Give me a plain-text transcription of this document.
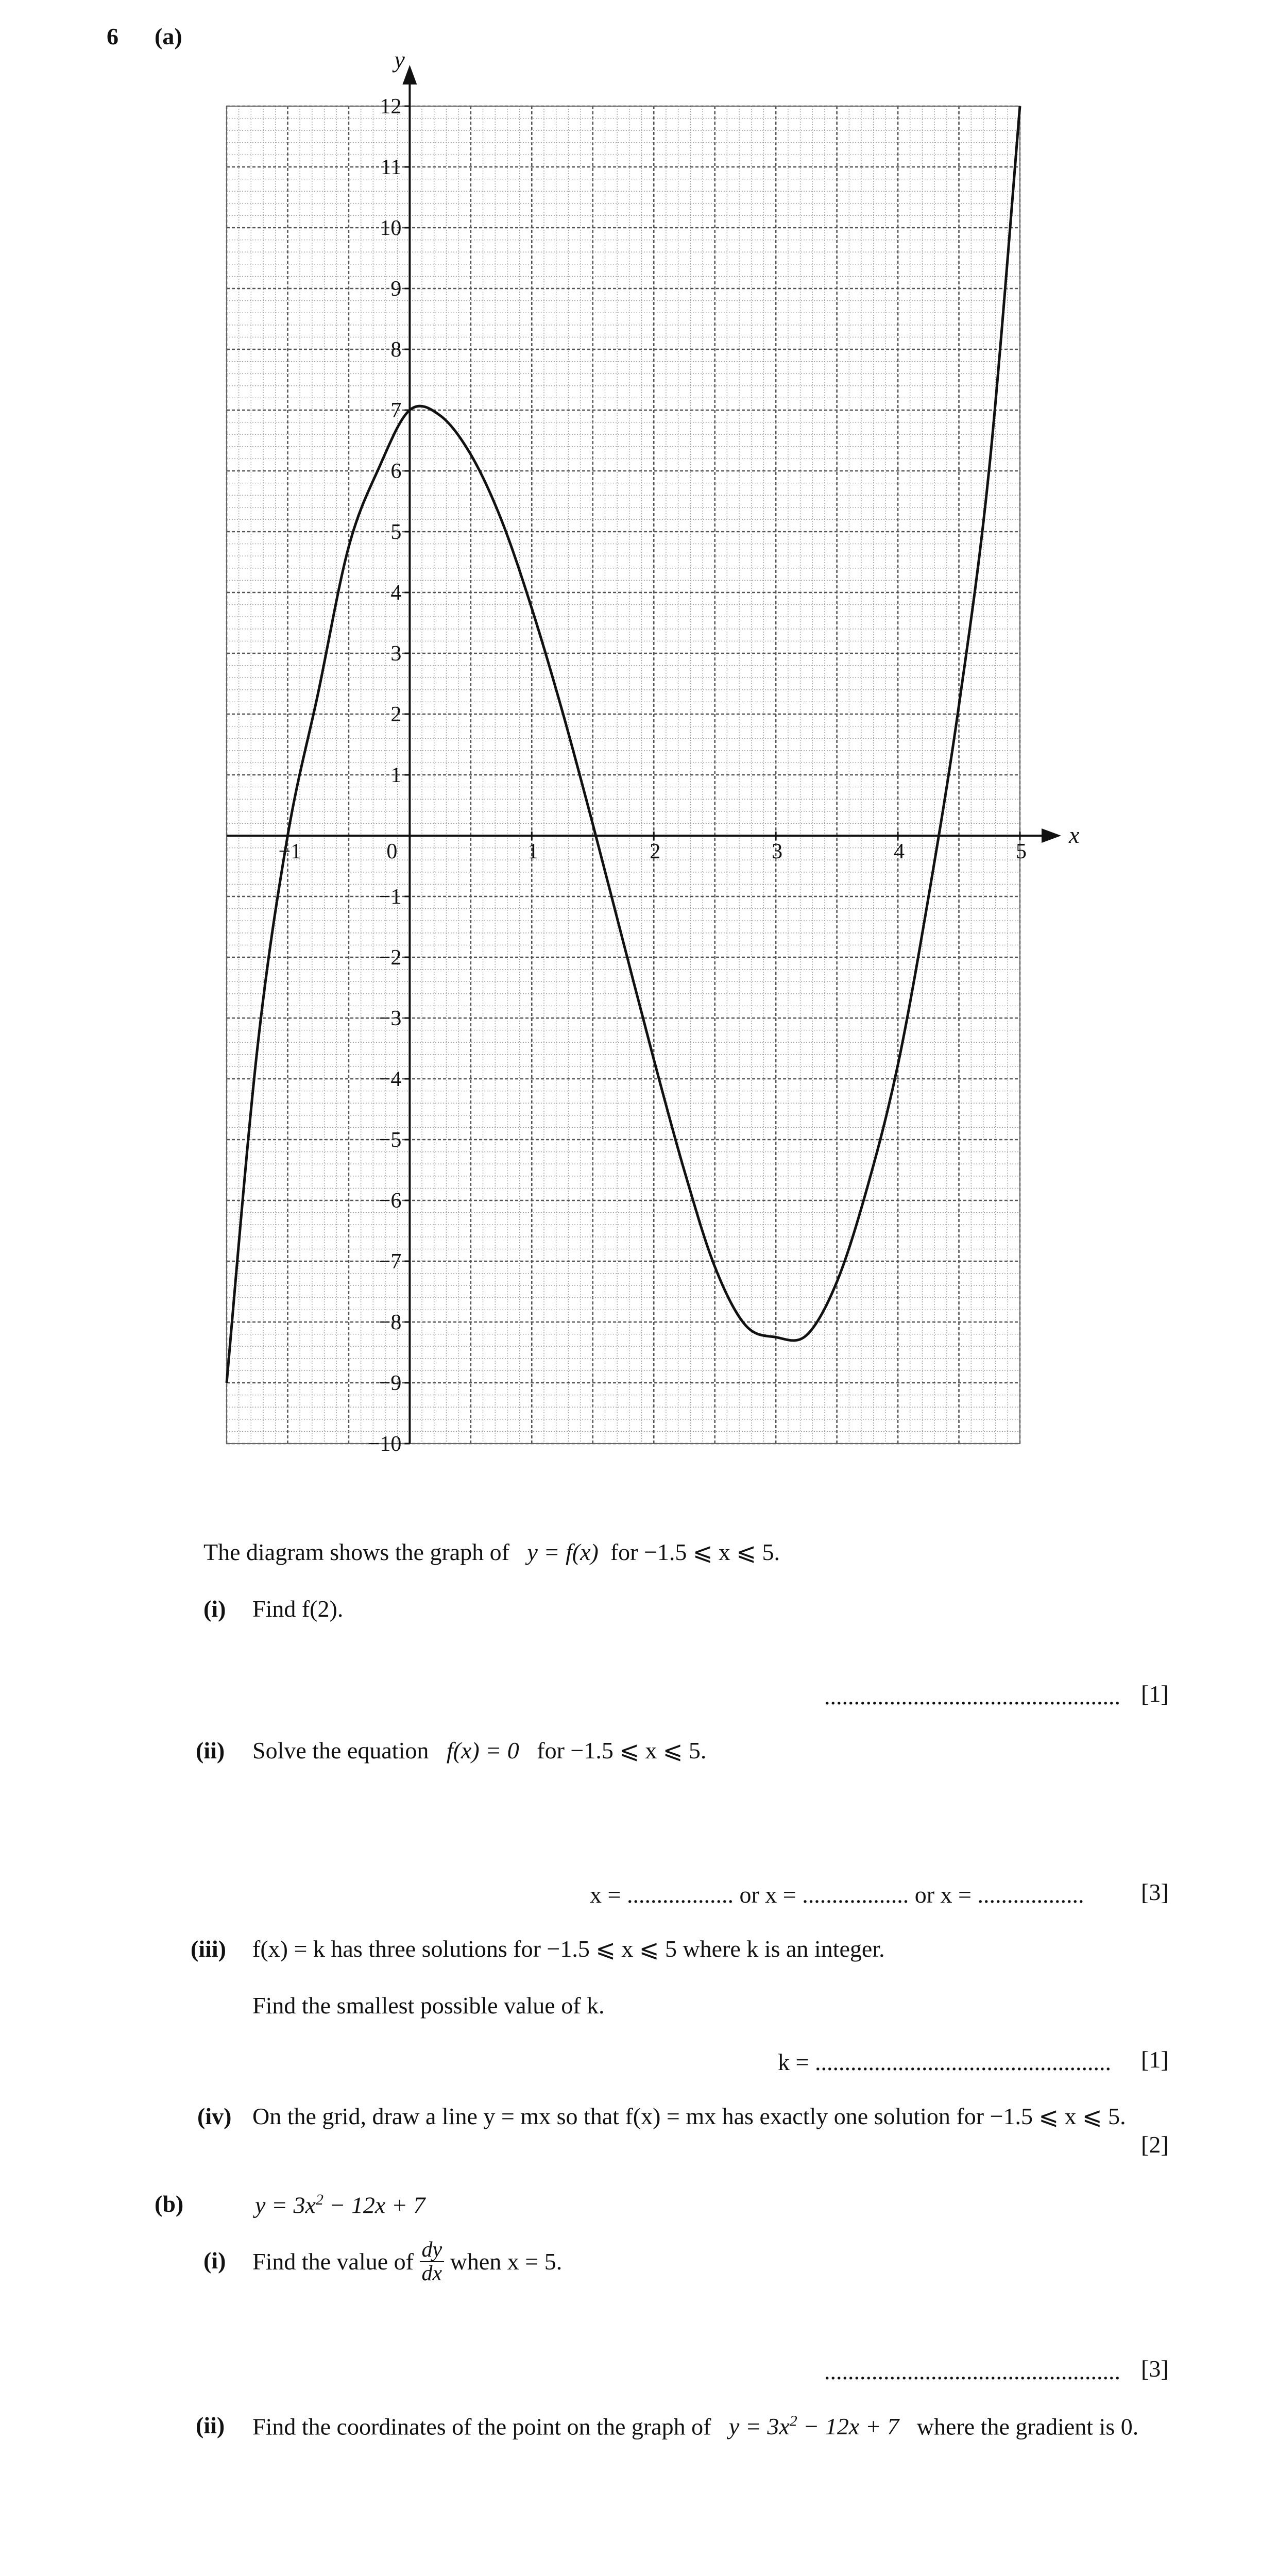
6 (a)
x
y
−1	0	1	2	3	4	5
−10
−9
−8
−7
−6
−5
−4
−3
−2
−1
1
2
3
4
5
6
7
8
9
10
11
12
The diagram shows the graph of y = f(x) for −1.5 ⩽ x ⩽ 5.
(i) Find f(2).
.................................................. [1]
(ii) Solve the equation f(x) = 0 for −1.5 ⩽ x ⩽ 5.
x = .................. or x = .................. or x = .................. [3]
(iii) f(x) = k has three solutions for −1.5 ⩽ x ⩽ 5 where k is an integer.
Find the smallest possible value of k.
k = .................................................. [1]
(iv) On the grid, draw a line y = mx so that f(x) = mx has exactly one solution for −1.5 ⩽ x ⩽ 5.
[2]
(b)	$y = 3x^2 - 12x + 7$
(i) Find the value of
$\frac{dy}{dx}$
when x = 5.
.................................................. [3]
(ii) Find the coordinates of the point on the graph of $y = 3x^2 - 12x + 7$ where the gradient is 0.
